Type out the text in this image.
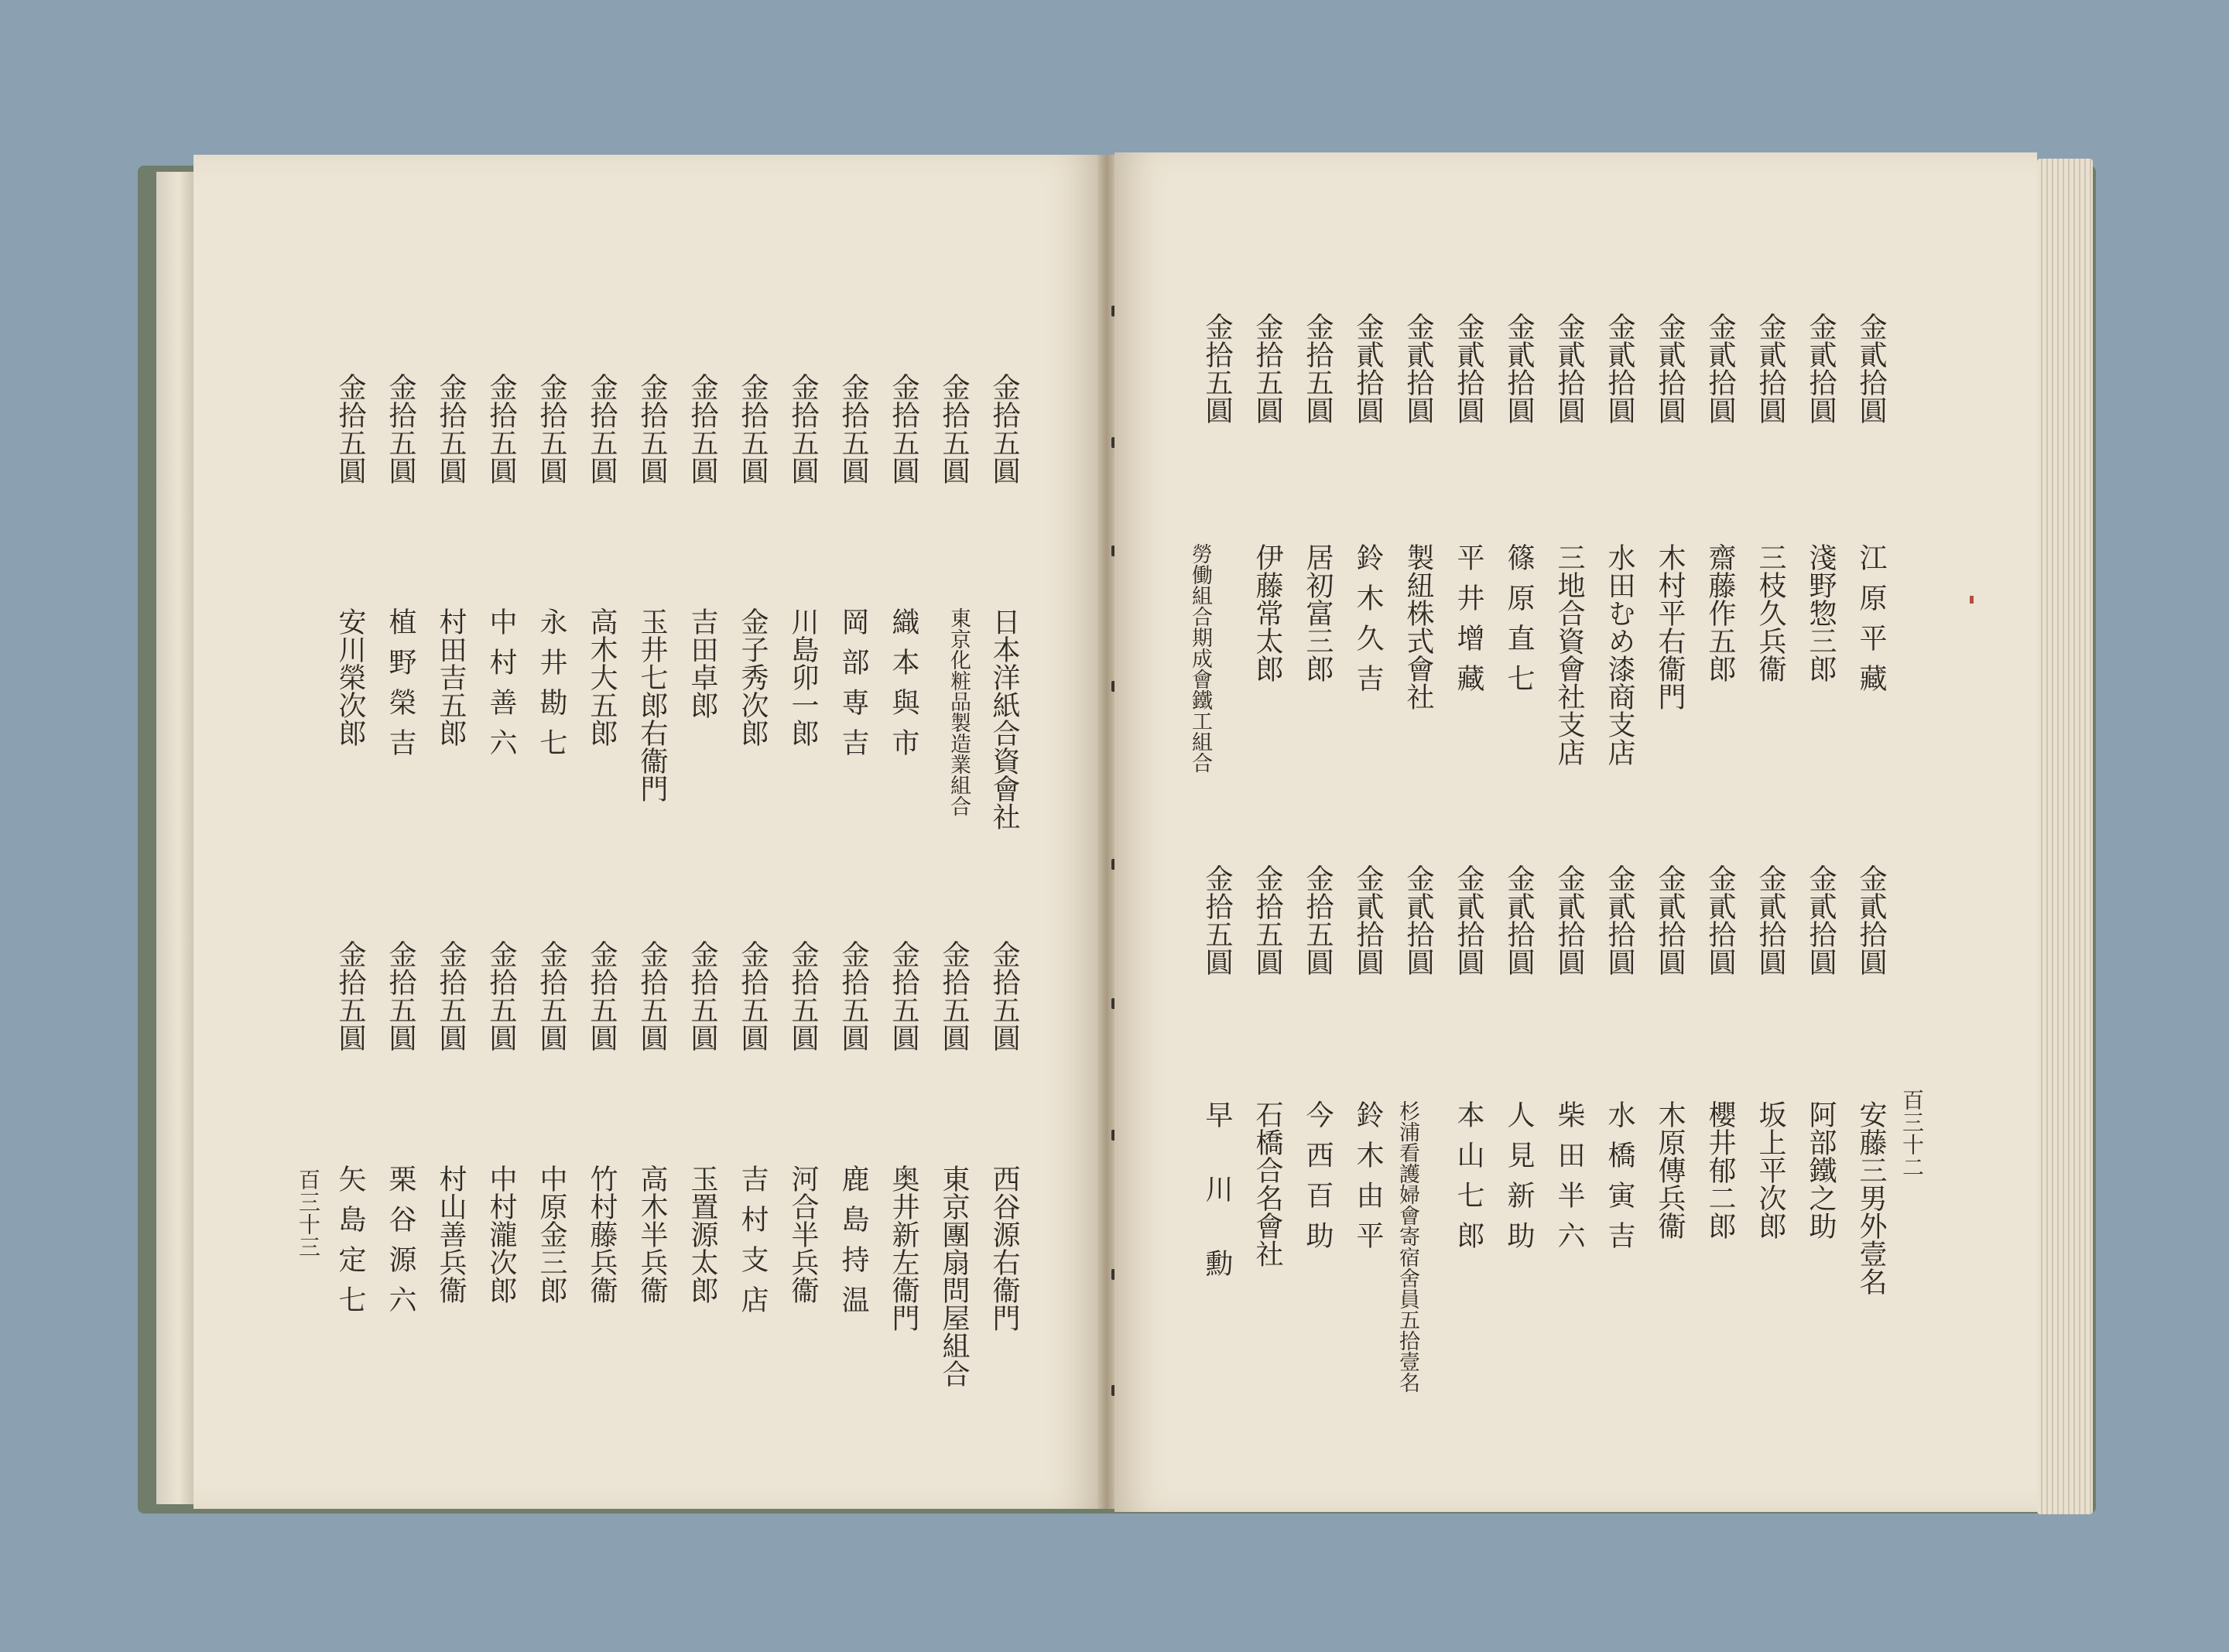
金拾五圓
金拾五圓
金拾五圓
金拾五圓
金拾五圓
金拾五圓
金拾五圓
金拾五圓
金拾五圓
金拾五圓
金拾五圓
金拾五圓
金拾五圓
金拾五圓
日本洋紙合資會社
東京化粧品製造業組合
織本與市
岡部専吉
川島卯一郎
金子秀次郎
吉田卓郎
玉井七郎右衞門
高木大五郎
永井勘七
中村善六
村田吉五郎
植野榮吉
安川榮次郎
金拾五圓
金拾五圓
金拾五圓
金拾五圓
金拾五圓
金拾五圓
金拾五圓
金拾五圓
金拾五圓
金拾五圓
金拾五圓
金拾五圓
金拾五圓
金拾五圓
西谷源右衞門
東京團扇問屋組合
奥井新左衞門
鹿島持温
河合半兵衞
吉村支店
玉置源太郎
高木半兵衞
竹村藤兵衞
中原金三郎
中村瀧次郎
村山善兵衞
栗谷源六
矢島定七
百三十三
金貳拾圓
金貳拾圓
金貳拾圓
金貳拾圓
金貳拾圓
金貳拾圓
金貳拾圓
金貳拾圓
金貳拾圓
金貳拾圓
金貳拾圓
金拾五圓
金拾五圓
金拾五圓
江原平藏
淺野惣三郎
三枝久兵衞
齋藤作五郎
木村平右衞門
水田むめ漆商支店
三地合資會社支店
篠原直七
平井增藏
製紐株式會社
鈴木久吉
居初富三郎
伊藤常太郎
勞働組合期成會鐵工組合
金貳拾圓
金貳拾圓
金貳拾圓
金貳拾圓
金貳拾圓
金貳拾圓
金貳拾圓
金貳拾圓
金貳拾圓
金貳拾圓
金貳拾圓
金拾五圓
金拾五圓
金拾五圓
安藤三男外壹名
阿部鐵之助
坂上平次郎
櫻井郁二郎
木原傳兵衞
水橋寅吉
柴田半六
人見新助
本山七郎
杉浦看護婦會寄宿舍員五拾壹名
鈴木由平
今西百助
石橋合名會社
早川勳	百三十二
